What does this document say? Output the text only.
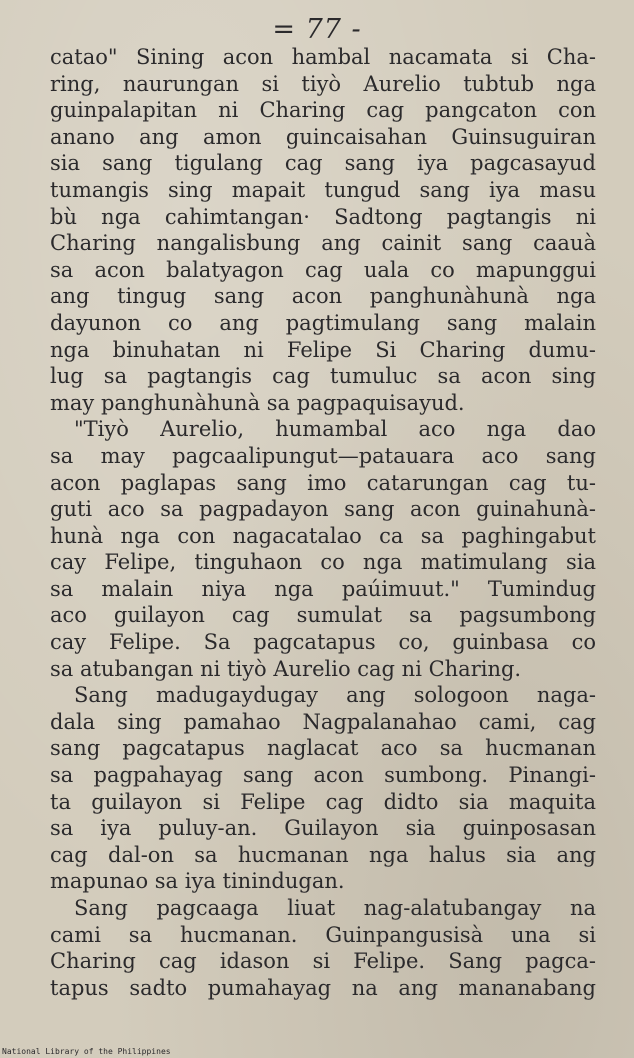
= 77 -
catao" Sining acon hambal nacamata si Cha-
ring, naurungan si tiyò Aurelio tubtub nga
guinpalapitan ni Charing cag pangcaton con
anano ang amon guincaisahan Guinsuguiran
sia sang tigulang cag sang iya pagcasayud
tumangis sing mapait tungud sang iya masu
bù nga cahimtangan· Sadtong pagtangis ni
Charing nangalisbung ang cainit sang caauà
sa acon balatyagon cag uala co mapunggui
ang tingug sang acon panghunàhunà nga
dayunon co ang pagtimulang sang malain
nga binuhatan ni Felipe Si Charing dumu-
lug sa pagtangis cag tumuluc sa acon sing
may panghunàhunà sa pagpaquisayud.
"Tiyò Aurelio, humambal aco nga dao
sa may pagcaalipungut—patauara aco sang
acon paglapas sang imo catarungan cag tu-
guti aco sa pagpadayon sang acon guinahunà-
hunà nga con nagacatalao ca sa paghingabut
cay Felipe, tinguhaon co nga matimulang sia
sa malain niya nga paúimuut." Tumindug
aco guilayon cag sumulat sa pagsumbong
cay Felipe. Sa pagcatapus co, guinbasa co
sa atubangan ni tiyò Aurelio cag ni Charing.
Sang madugaydugay ang sologoon naga-
dala sing pamahao Nagpalanahao cami, cag
sang pagcatapus naglacat aco sa hucmanan
sa pagpahayag sang acon sumbong. Pinangi-
ta guilayon si Felipe cag didto sia maquita
sa iya puluy-an. Guilayon sia guinposasan
cag dal-on sa hucmanan nga halus sia ang
mapunao sa iya tinindugan.
Sang pagcaaga liuat nag-alatubangay na
cami sa hucmanan. Guinpangusisà una si
Charing cag idason si Felipe. Sang pagca-
tapus sadto pumahayag na ang mananabang
National Library of the Philippines
